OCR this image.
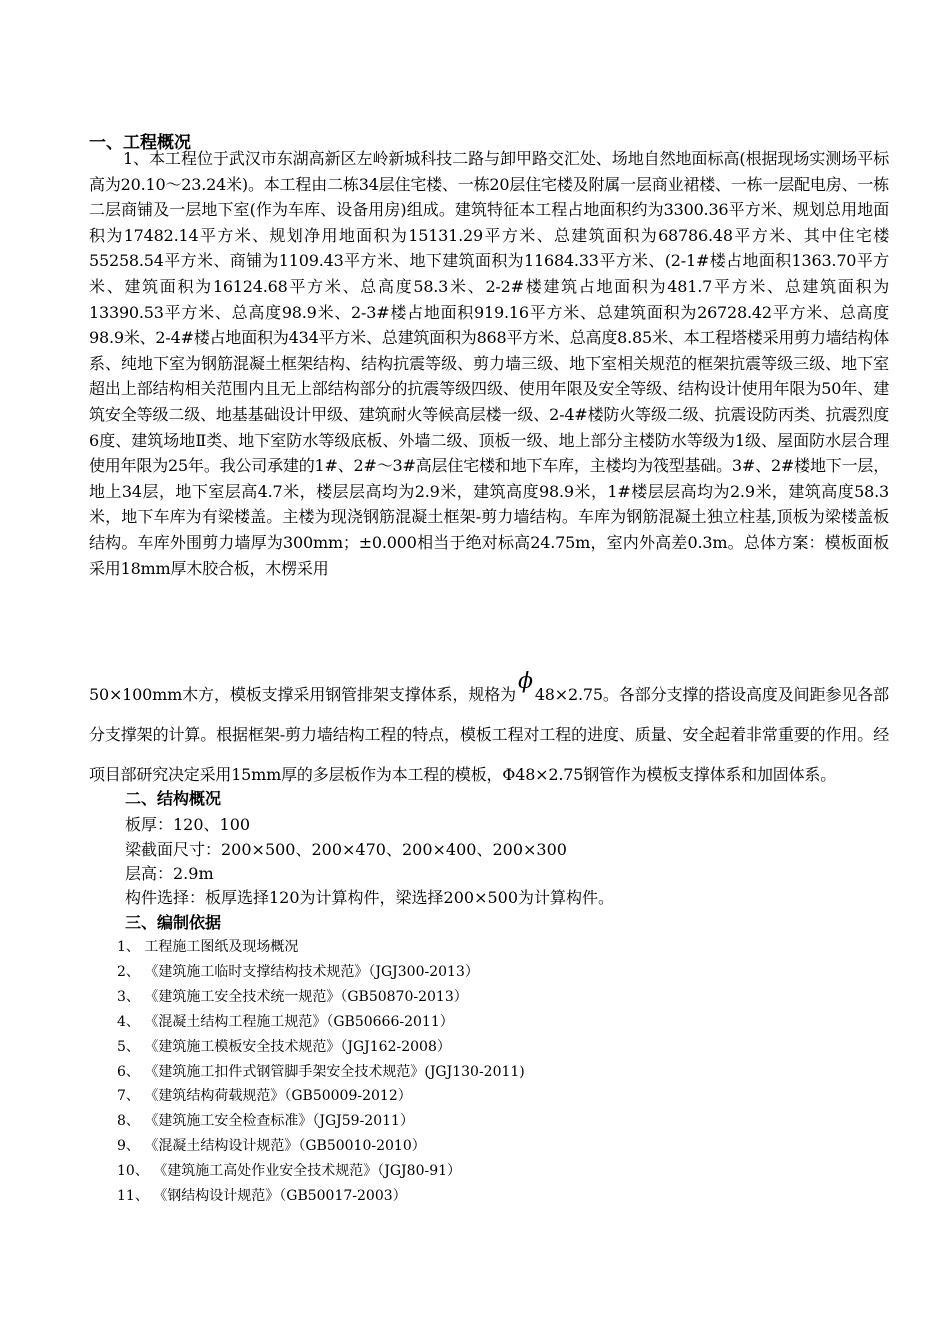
一、工程概况

1、本工程位于武汉市东湖高新区左岭新城科技二路与卸甲路交汇处、场地自然地面标高(根据现场实测场平标高为20.10～23.24米)。本工程由二栋34层住宅楼、一栋20层住宅楼及附属一层商业裙楼、一栋一层配电房、一栋二层商铺及一层地下室(作为车库、设备用房)组成。建筑特征本工程占地面积约为3300.36平方米、规划总用地面积为17482.14平方米、规划净用地面积为15131.29平方米、总建筑面积为68786.48平方米、其中住宅楼55258.54平方米、商铺为1109.43平方米、地下建筑面积为11684.33平方米、(2-1#楼占地面积1363.70平方米、建筑面积为16124.68平方米、总高度58.3米、2-2#楼建筑占地面积为481.7平方米、总建筑面积为13390.53平方米、总高度98.9米、2-3#楼占地面积919.16平方米、总建筑面积为26728.42平方米、总高度98.9米、2-4#楼占地面积为434平方米、总建筑面积为868平方米、总高度8.85米、本工程塔楼采用剪力墙结构体系、纯地下室为钢筋混凝土框架结构、结构抗震等级、剪力墙三级、地下室相关规范的框架抗震等级三级、地下室超出上部结构相关范围内且无上部结构部分的抗震等级四级、使用年限及安全等级、结构设计使用年限为50年、建筑安全等级二级、地基基础设计甲级、建筑耐火等候高层楼一级、2-4#楼防火等级二级、抗震设防丙类、抗震烈度6度、建筑场地Ⅱ类、地下室防水等级底板、外墙二级、顶板一级、地上部分主楼防水等级为1级、屋面防水层合理使用年限为25年。我公司承建的1#、2#～3#高层住宅楼和地下车库，主楼均为筏型基础。3#、2#楼地下一层，地上34层，地下室层高4.7米，楼层层高均为2.9米，建筑高度98.9米，1#楼层层高均为2.9米，建筑高度58.3米，地下车库为有梁楼盖。主楼为现浇钢筋混凝土框架-剪力墙结构。车库为钢筋混凝土独立柱基,顶板为梁楼盖板结构。车库外围剪力墙厚为300mm；±0.000相当于绝对标高24.75m，室内外高差0.3m。总体方案：模板面板采用18mm厚木胶合板，木楞采用

50×100mm木方，模板支撑采用钢管排架支撑体系，规格为ϕ48×2.75。各部分支撑的搭设高度及间距参见各部分支撑架的计算。根据框架-剪力墙结构工程的特点，模板工程对工程的进度、质量、安全起着非常重要的作用。经项目部研究决定采用15mm厚的多层板作为本工程的模板，Φ48×2.75钢管作为模板支撑体系和加固体系。

二、结构概况
板厚：120、100
梁截面尺寸：200×500、200×470、200×400、200×300
层高：2.9m
构件选择：板厚选择120为计算构件，梁选择200×500为计算构件。
三、编制依据
1、 工程施工图纸及现场概况
2、 《建筑施工临时支撑结构技术规范》（JGJ300-2013）
3、 《建筑施工安全技术统一规范》（GB50870-2013）
4、 《混凝土结构工程施工规范》（GB50666-2011）
5、 《建筑施工模板安全技术规范》（JGJ162-2008）
6、 《建筑施工扣件式钢管脚手架安全技术规范》(JGJ130-2011)
7、 《建筑结构荷载规范》（GB50009-2012）
8、 《建筑施工安全检查标准》（JGJ59-2011）
9、 《混凝土结构设计规范》（GB50010-2010）
10、 《建筑施工高处作业安全技术规范》（JGJ80-91）
11、 《钢结构设计规范》（GB50017-2003）
